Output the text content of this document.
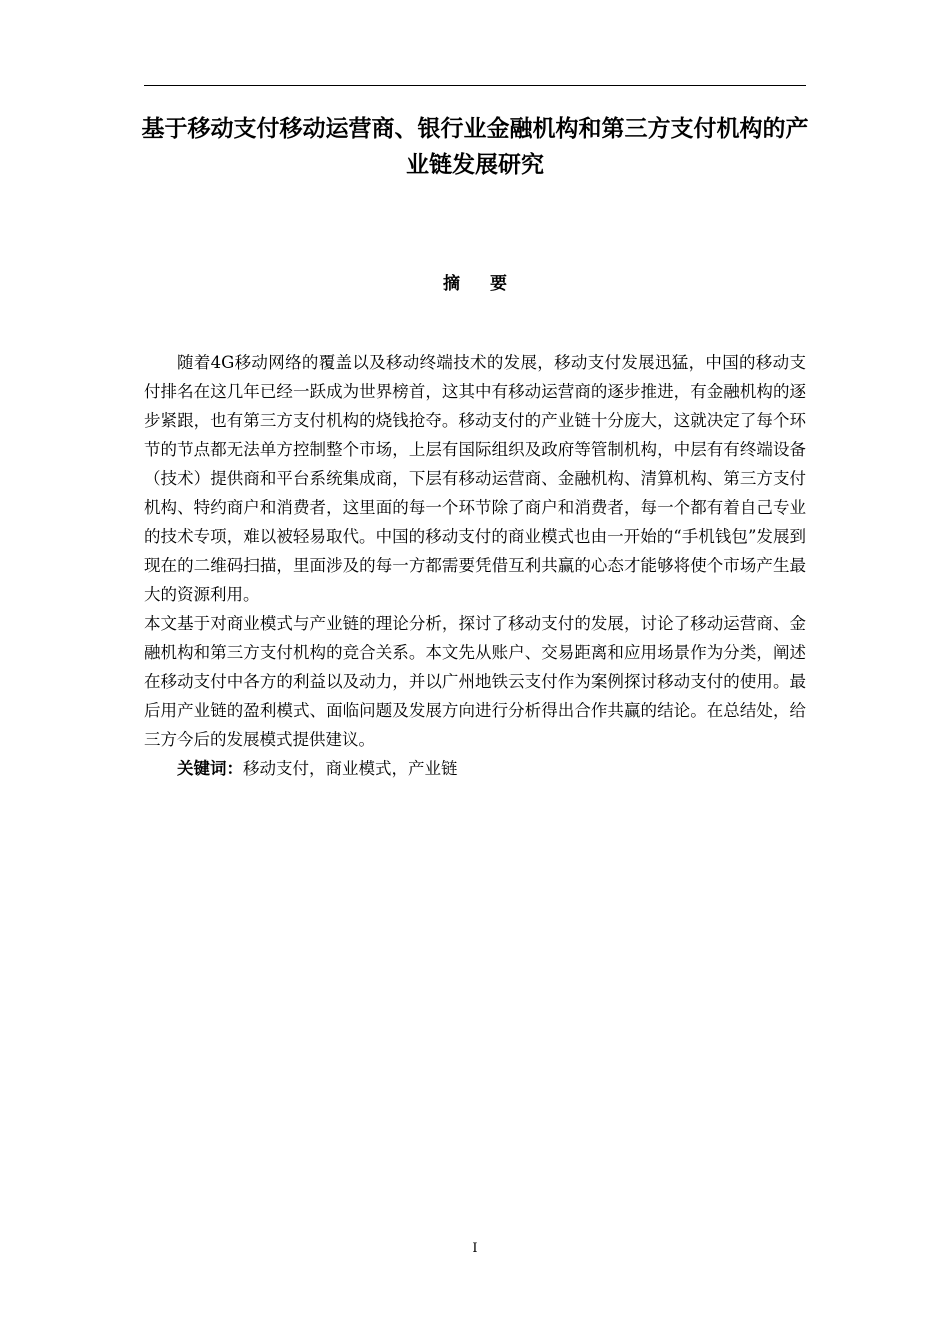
基于移动支付移动运营商、银行业金融机构和第三方支付机构的产业链发展研究
摘要

随着4G移动网络的覆盖以及移动终端技术的发展，移动支付发展迅猛，中国的移动支付排名在这几年已经一跃成为世界榜首，这其中有移动运营商的逐步推进，有金融机构的逐步紧跟，也有第三方支付机构的烧钱抢夺。移动支付的产业链十分庞大，这就决定了每个环节的节点都无法单方控制整个市场，上层有国际组织及政府等管制机构，中层有有终端设备（技术）提供商和平台系统集成商，下层有移动运营商、金融机构、清算机构、第三方支付机构、特约商户和消费者，这里面的每一个环节除了商户和消费者，每一个都有着自己专业的技术专项，难以被轻易取代。中国的移动支付的商业模式也由一开始的“手机钱包”发展到现在的二维码扫描，里面涉及的每一方都需要凭借互利共赢的心态才能够将使个市场产生最大的资源利用。

本文基于对商业模式与产业链的理论分析，探讨了移动支付的发展，讨论了移动运营商、金融机构和第三方支付机构的竞合关系。本文先从账户、交易距离和应用场景作为分类，阐述在移动支付中各方的利益以及动力，并以广州地铁云支付作为案例探讨移动支付的使用。最后用产业链的盈利模式、面临问题及发展方向进行分析得出合作共赢的结论。在总结处，给三方今后的发展模式提供建议。

关键词：移动支付，商业模式，产业链

I
